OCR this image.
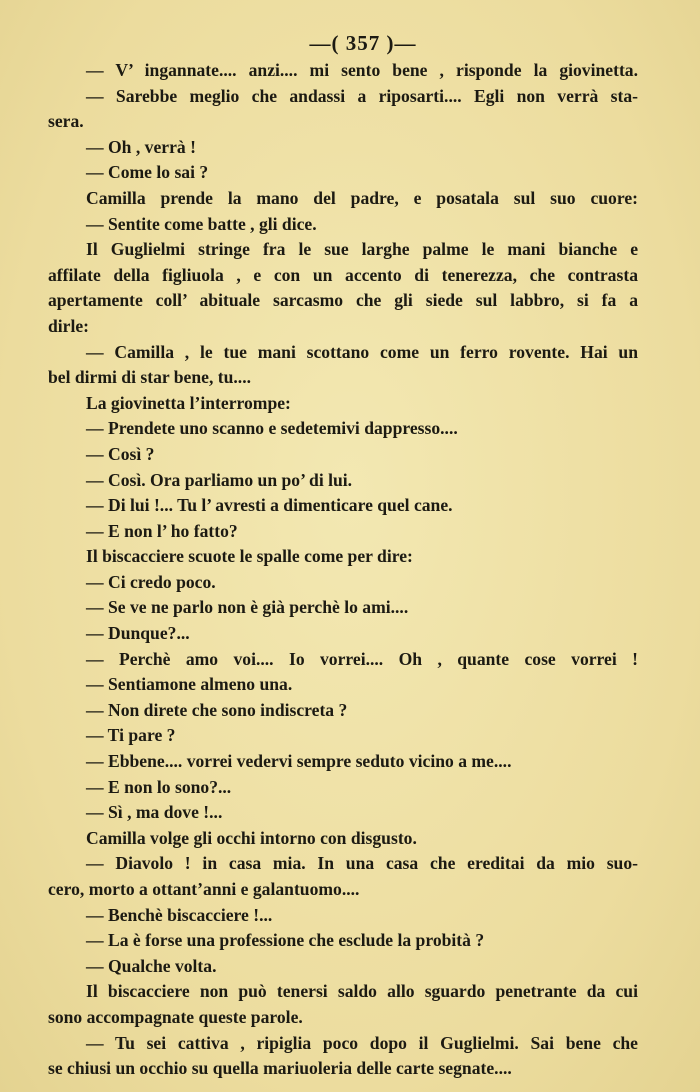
—( 357 )—
— V’ ingannate.... anzi.... mi sento bene , risponde la giovinetta.
— Sarebbe meglio che andassi a riposarti.... Egli non verrà sta-
sera.
— Oh , verrà !
— Come lo sai ?
Camilla prende la mano del padre, e posatala sul suo cuore:
— Sentite come batte , gli dice.
Il Guglielmi stringe fra le sue larghe palme le mani bianche e
affilate della figliuola , e con un accento di tenerezza, che contrasta
apertamente coll’ abituale sarcasmo che gli siede sul labbro, si fa a
dirle:
— Camilla , le tue mani scottano come un ferro rovente. Hai un
bel dirmi di star bene, tu....
La giovinetta l’interrompe:
— Prendete uno scanno e sedetemivi dappresso....
— Così ?
— Così. Ora parliamo un po’ di lui.
— Di lui !... Tu l’ avresti a dimenticare quel cane.
— E non l’ ho fatto?
Il biscacciere scuote le spalle come per dire:
— Ci credo poco.
— Se ve ne parlo non è già perchè lo ami....
— Dunque?...
— Perchè amo voi.... Io vorrei.... Oh , quante cose vorrei !
— Sentiamone almeno una.
— Non direte che sono indiscreta ?
— Ti pare ?
— Ebbene.... vorrei vedervi sempre seduto vicino a me....
— E non lo sono?...
— Sì , ma dove !...
Camilla volge gli occhi intorno con disgusto.
— Diavolo ! in casa mia. In una casa che ereditai da mio suo-
cero, morto a ottant’anni e galantuomo....
— Benchè biscacciere !...
— La è forse una professione che esclude la probità ?
— Qualche volta.
Il biscacciere non può tenersi saldo allo sguardo penetrante da cui
sono accompagnate queste parole.
— Tu sei cattiva , ripiglia poco dopo il Guglielmi. Sai bene che
se chiusi un occhio su quella mariuoleria delle carte segnate....
